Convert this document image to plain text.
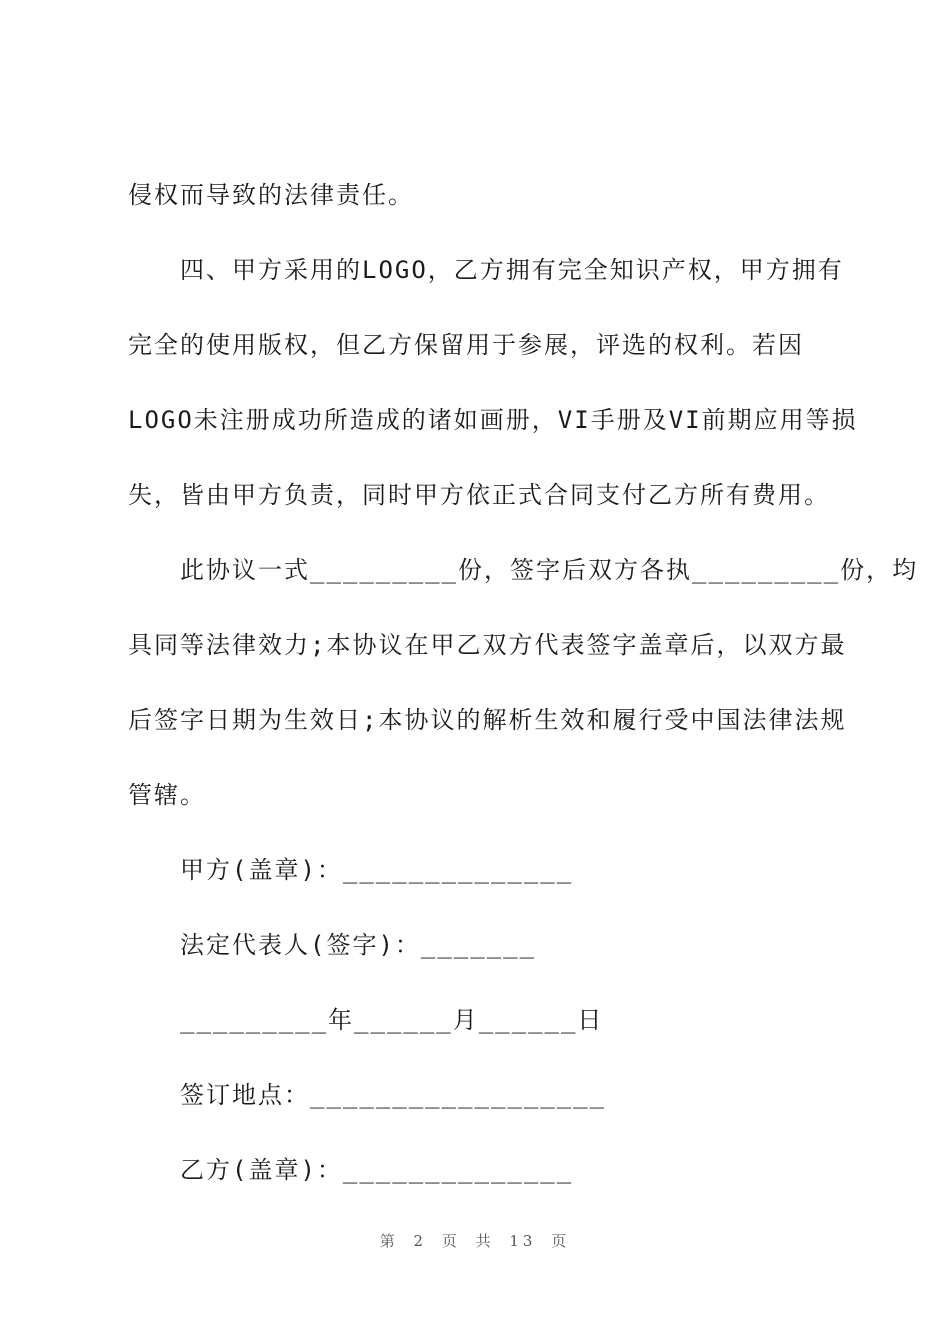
侵权而导致的法律责任。
四、甲方采用的LOGO，乙方拥有完全知识产权，甲方拥有
完全的使用版权，但乙方保留用于参展，评选的权利。若因
LOGO未注册成功所造成的诸如画册，VI手册及VI前期应用等损
失，皆由甲方负责，同时甲方依正式合同支付乙方所有费用。
此协议一式_________份，签字后双方各执_________份，均
具同等法律效力;本协议在甲乙双方代表签字盖章后，以双方最
后签字日期为生效日;本协议的解析生效和履行受中国法律法规
管辖。
甲方(盖章)：______________
法定代表人(签字)：_______
_________年______月______日
签订地点：__________________
乙方(盖章)：______________
第 2 页 共 13 页
